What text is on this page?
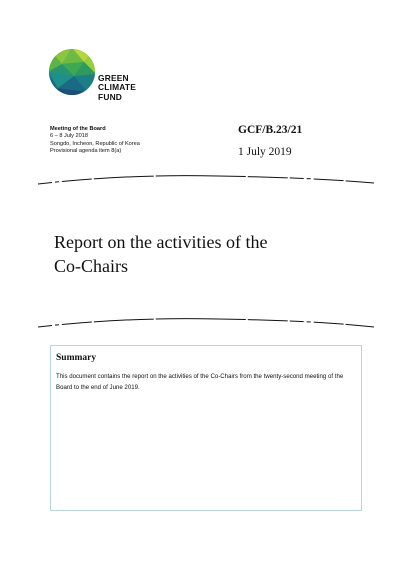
GREEN
CLIMATE
FUND
Meeting of the Board
6 – 8 July 2018
Songdo, Incheon, Republic of Korea
Provisional agenda item 8(a)
GCF/B.23/21
1 July 2019
Report on the activities of the
Co-Chairs
Summary
This document contains the report on the activities of the Co-Chairs from the twenty-second meeting of the Board to the end of June 2019.
